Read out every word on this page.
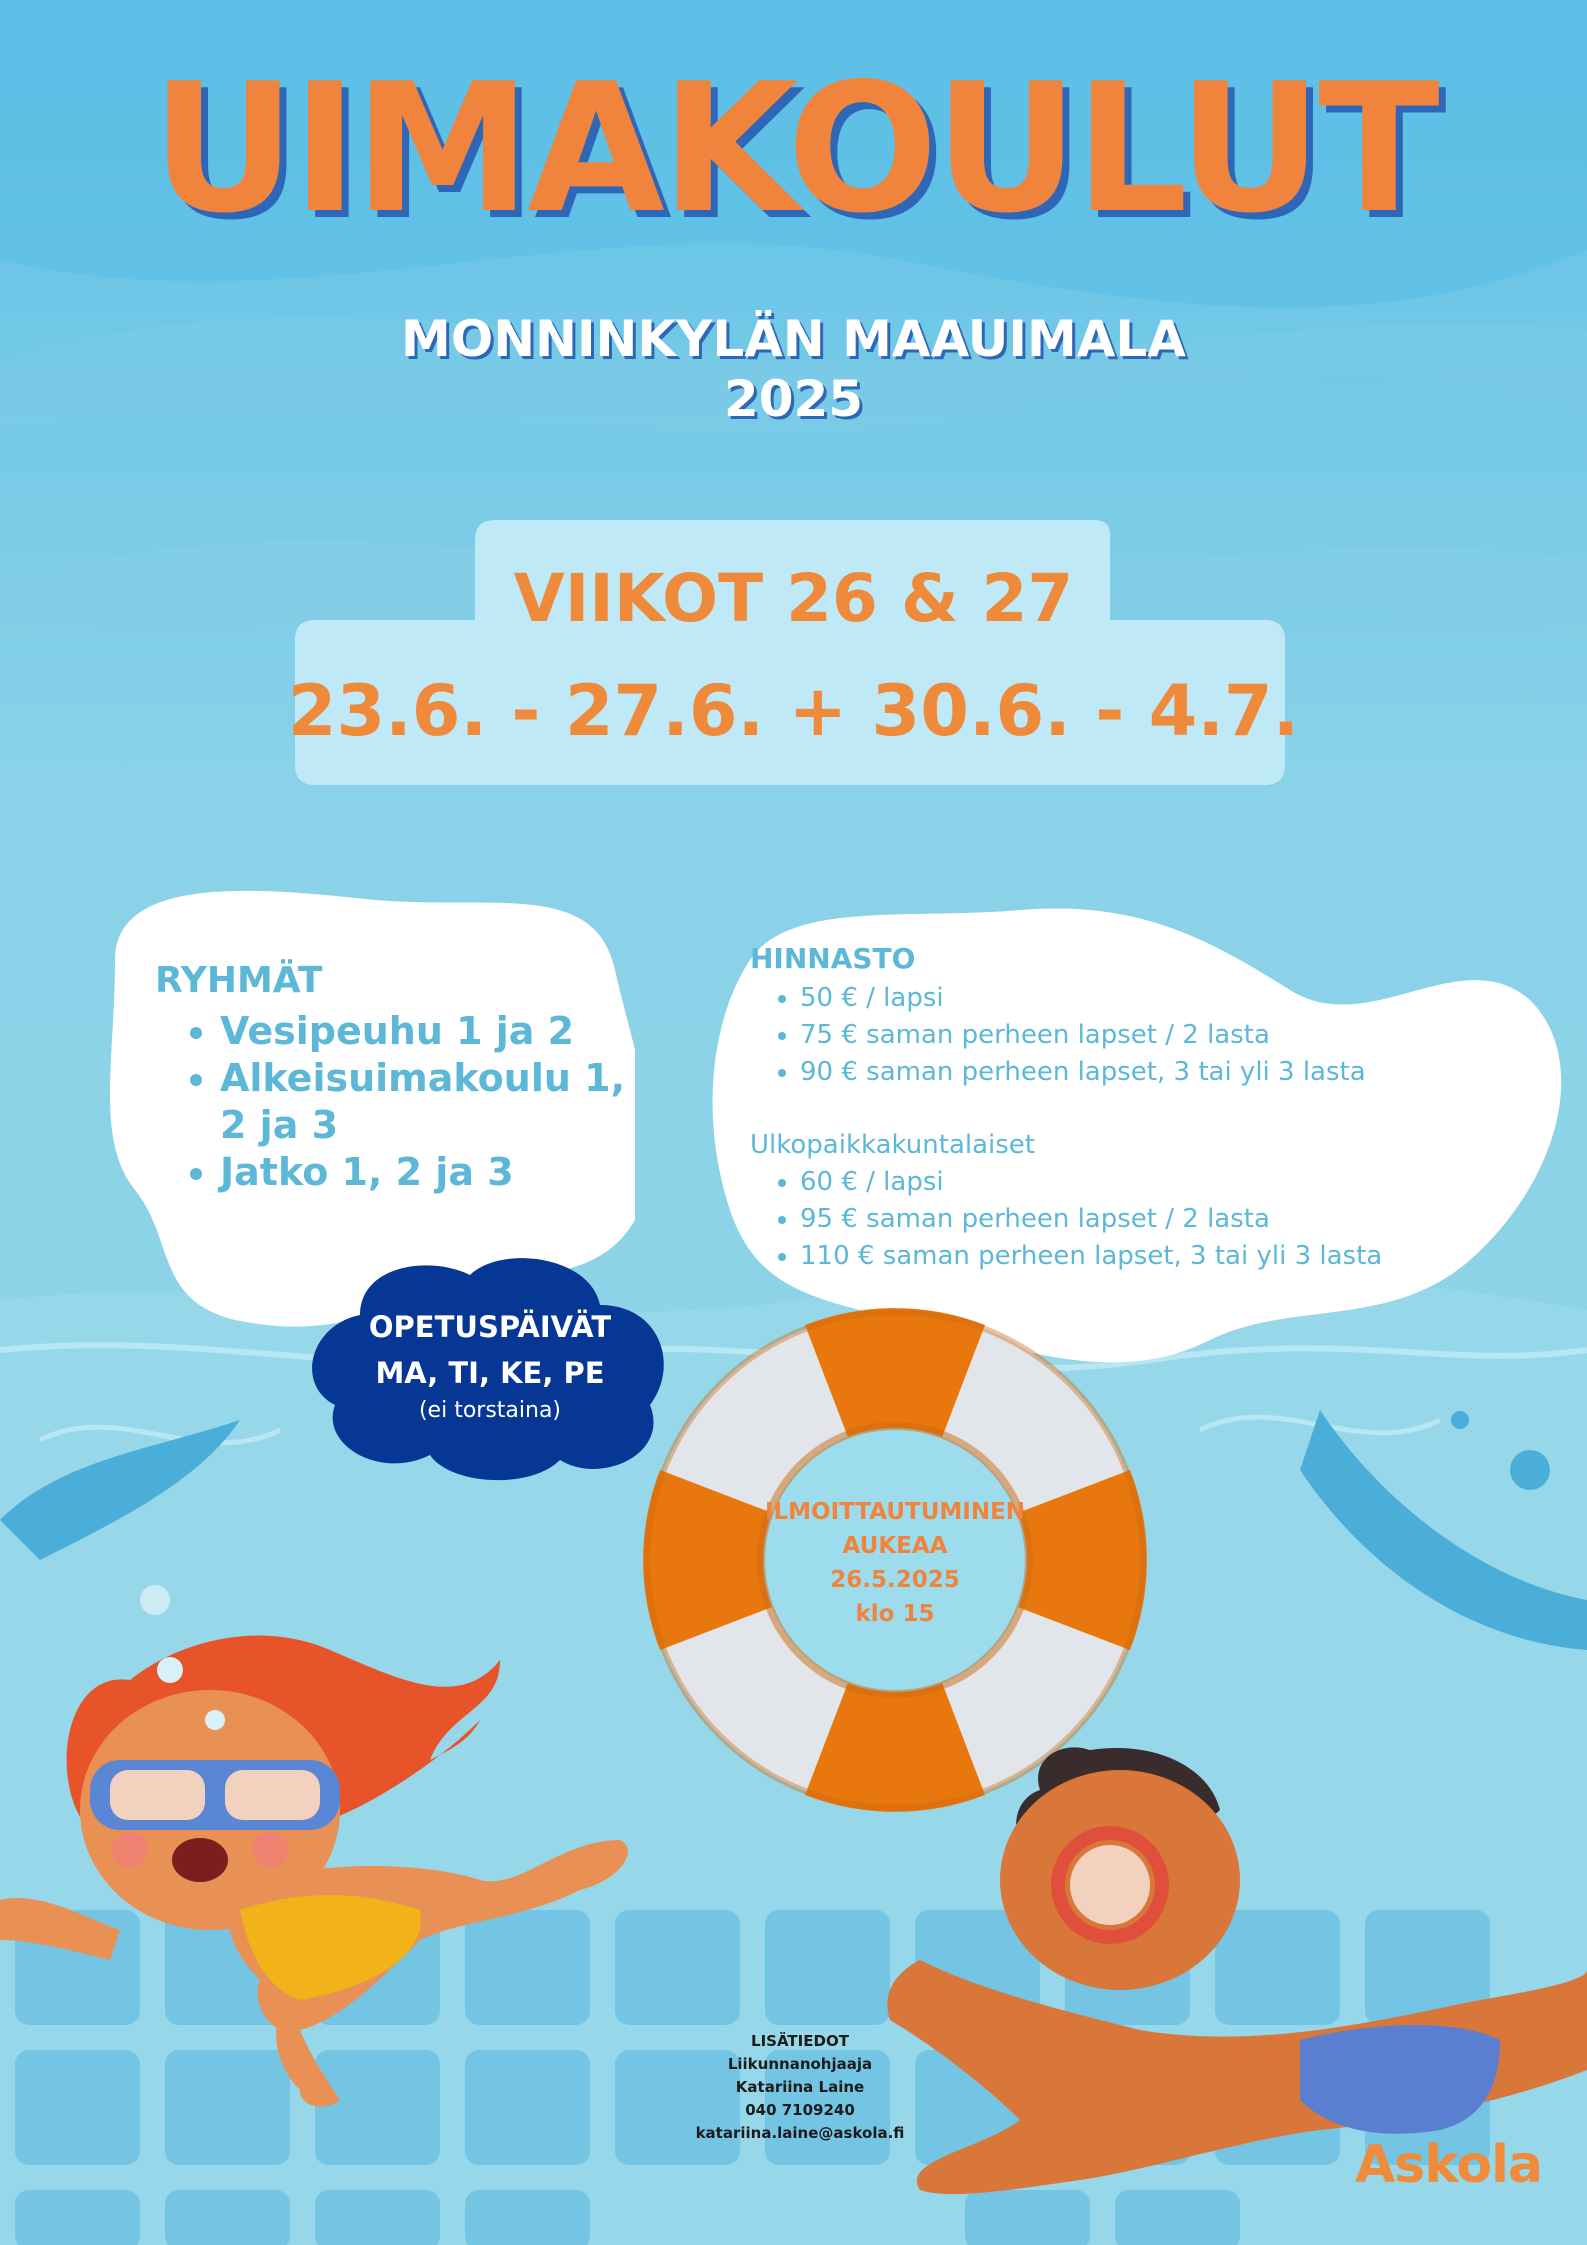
UIMAKOULUT
MONNINKYLÄN MAAUIMALA
2025
VIIKOT 26 & 27
23.6. - 27.6. + 30.6. - 4.7.
RYHMÄT
• Vesipeuhu 1 ja 2
• Alkeisuimakoulu 1, 2 ja 3
• Jatko 1, 2 ja 3
HINNASTO
• 50 € / lapsi
• 75 € saman perheen lapset / 2 lasta
• 90 € saman perheen lapset, 3 tai yli 3 lasta
Ulkopaikkakuntalaiset
• 60 € / lapsi
• 95 € saman perheen lapset / 2 lasta
• 110 € saman perheen lapset, 3 tai yli 3 lasta
OPETUSPÄIVÄT
MA, TI, KE, PE
(ei torstaina)
ILMOITTAUTUMINEN
AUKEAA
26.5.2025
klo 15
LISÄTIEDOT
Liikunnanohjaaja
Katariina Laine
040 7109240
katariina.laine@askola.fi
Askola
